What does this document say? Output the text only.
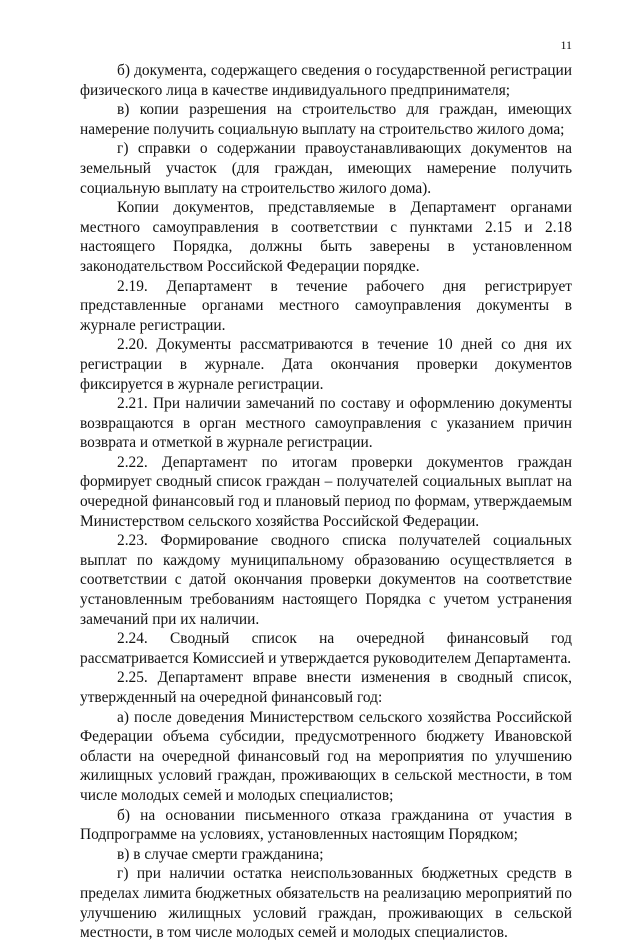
11

б) документа, содержащего сведения о государственной регистрации физического лица в качестве индивидуального предпринимателя;

в) копии разрешения на строительство для граждан, имеющих намерение получить социальную выплату на строительство жилого дома;

г) справки о содержании правоустанавливающих документов на земельный участок (для граждан, имеющих намерение получить социальную выплату на строительство жилого дома).

Копии документов, представляемые в Департамент органами местного самоуправления в соответствии с пунктами 2.15 и 2.18 настоящего Порядка, должны быть заверены в установленном законодательством Российской Федерации порядке.

2.19. Департамент в течение рабочего дня регистрирует представленные органами местного самоуправления документы в журнале регистрации.

2.20. Документы рассматриваются в течение 10 дней со дня их регистрации в журнале. Дата окончания проверки документов фиксируется в журнале регистрации.

2.21. При наличии замечаний по составу и оформлению документы возвращаются в орган местного самоуправления с указанием причин возврата и отметкой в журнале регистрации.

2.22. Департамент по итогам проверки документов граждан формирует сводный список граждан – получателей социальных выплат на очередной финансовый год и плановый период по формам, утверждаемым Министерством сельского хозяйства Российской Федерации.

2.23. Формирование сводного списка получателей социальных выплат по каждому муниципальному образованию осуществляется в соответствии с датой окончания проверки документов на соответствие установленным требованиям настоящего Порядка с учетом устранения замечаний при их наличии.

2.24. Сводный список на очередной финансовый год рассматривается Комиссией и утверждается руководителем Департамента.

2.25. Департамент вправе внести изменения в сводный список, утвержденный на очередной финансовый год:

а) после доведения Министерством сельского хозяйства Российской Федерации объема субсидии, предусмотренного бюджету Ивановской области на очередной финансовый год на мероприятия по улучшению жилищных условий граждан, проживающих в сельской местности, в том числе молодых семей и молодых специалистов;

б) на основании письменного отказа гражданина от участия в Подпрограмме на условиях, установленных настоящим Порядком;

в) в случае смерти гражданина;

г) при наличии остатка неиспользованных бюджетных средств в пределах лимита бюджетных обязательств на реализацию мероприятий по улучшению жилищных условий граждан, проживающих в сельской местности, в том числе молодых семей и молодых специалистов.
